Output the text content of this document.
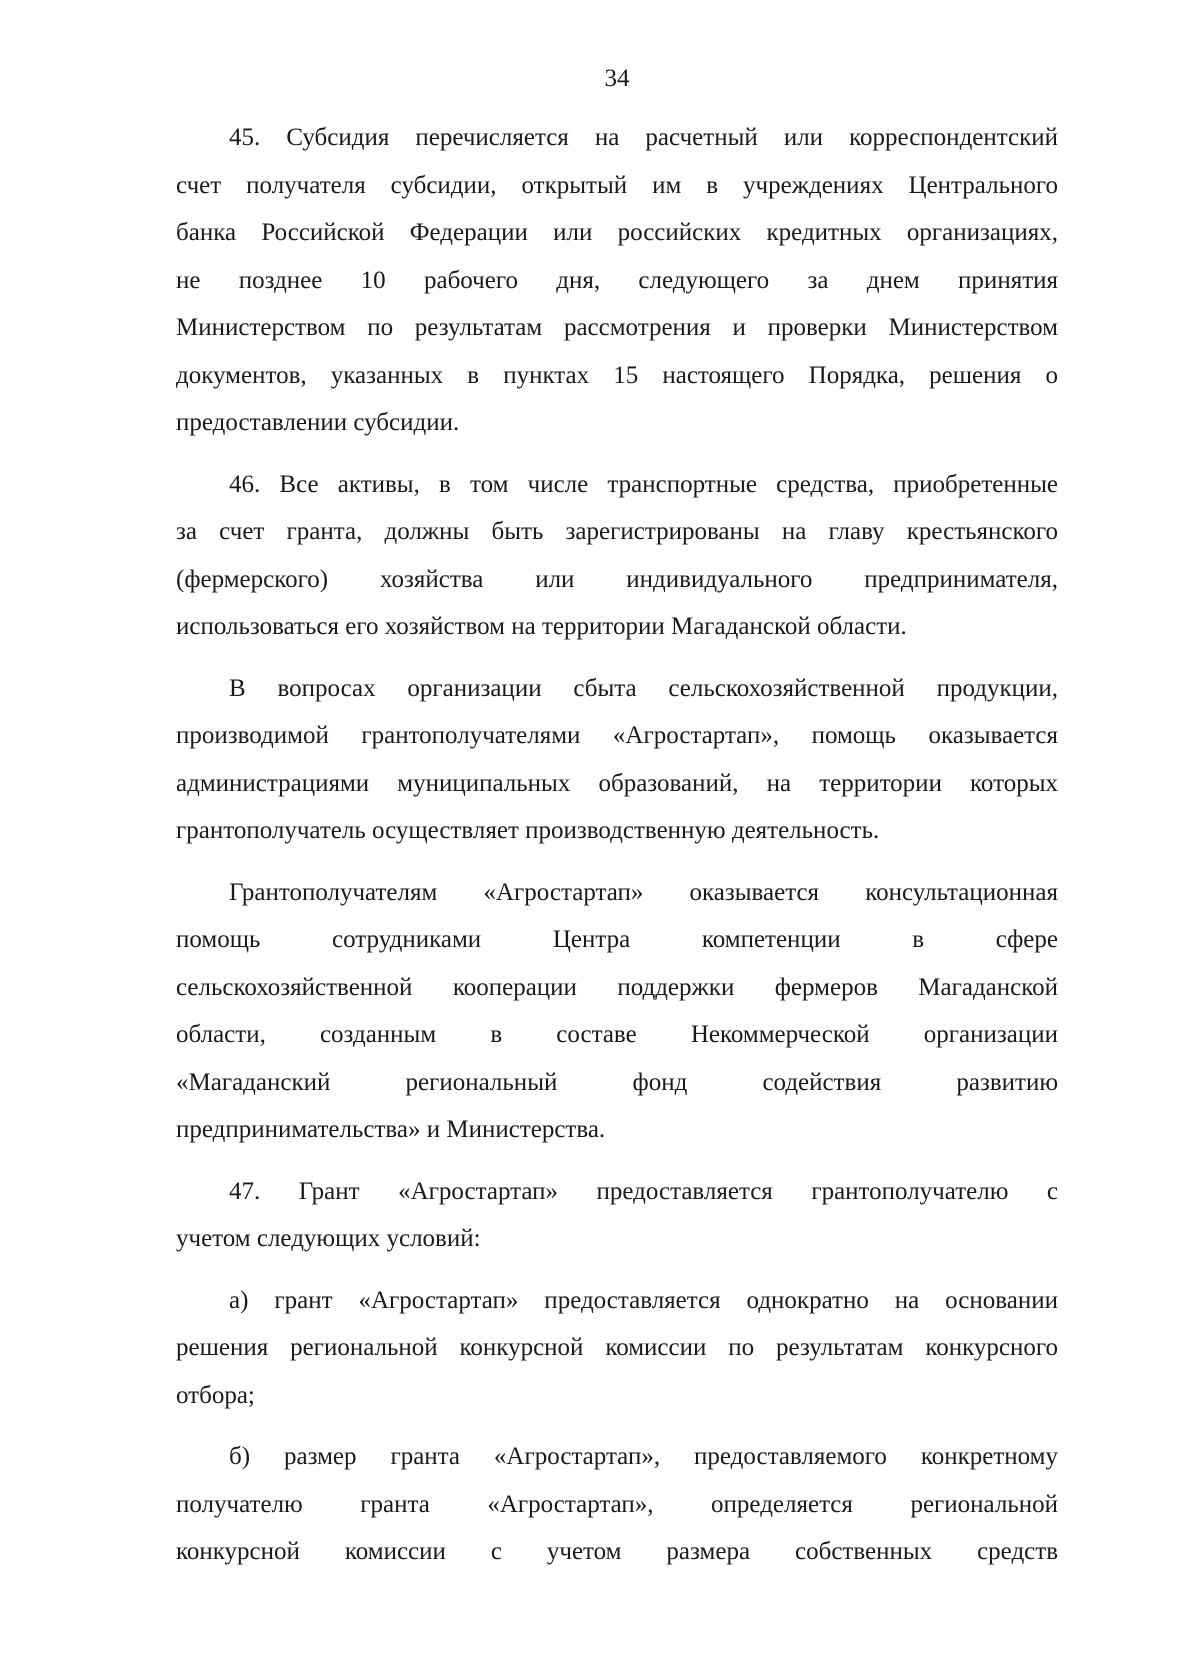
34

45. Субсидия перечисляется на расчетный или корреспондентский
счет получателя субсидии, открытый им в учреждениях Центрального
банка Российской Федерации или российских кредитных организациях,
не позднее 10 рабочего дня, следующего за днем принятия
Министерством по результатам рассмотрения и проверки Министерством
документов, указанных в пунктах 15 настоящего Порядка, решения о
предоставлении субсидии.

46. Все активы, в том числе транспортные средства, приобретенные
за счет гранта, должны быть зарегистрированы на главу крестьянского
(фермерского) хозяйства или индивидуального предпринимателя,
использоваться его хозяйством на территории Магаданской области.

В вопросах организации сбыта сельскохозяйственной продукции,
производимой грантополучателями «Агростартап», помощь оказывается
администрациями муниципальных образований, на территории которых
грантополучатель осуществляет производственную деятельность.

Грантополучателям «Агростартап» оказывается консультационная
помощь сотрудниками Центра компетенции в сфере
сельскохозяйственной кооперации поддержки фермеров Магаданской
области, созданным в составе Некоммерческой организации
«Магаданский региональный фонд содействия развитию
предпринимательства» и Министерства.

47. Грант «Агростартап» предоставляется грантополучателю с
учетом следующих условий:

а) грант «Агростартап» предоставляется однократно на основании
решения региональной конкурсной комиссии по результатам конкурсного
отбора;

б) размер гранта «Агростартап», предоставляемого конкретному
получателю гранта «Агростартап», определяется региональной
конкурсной комиссии с учетом размера собственных средств
